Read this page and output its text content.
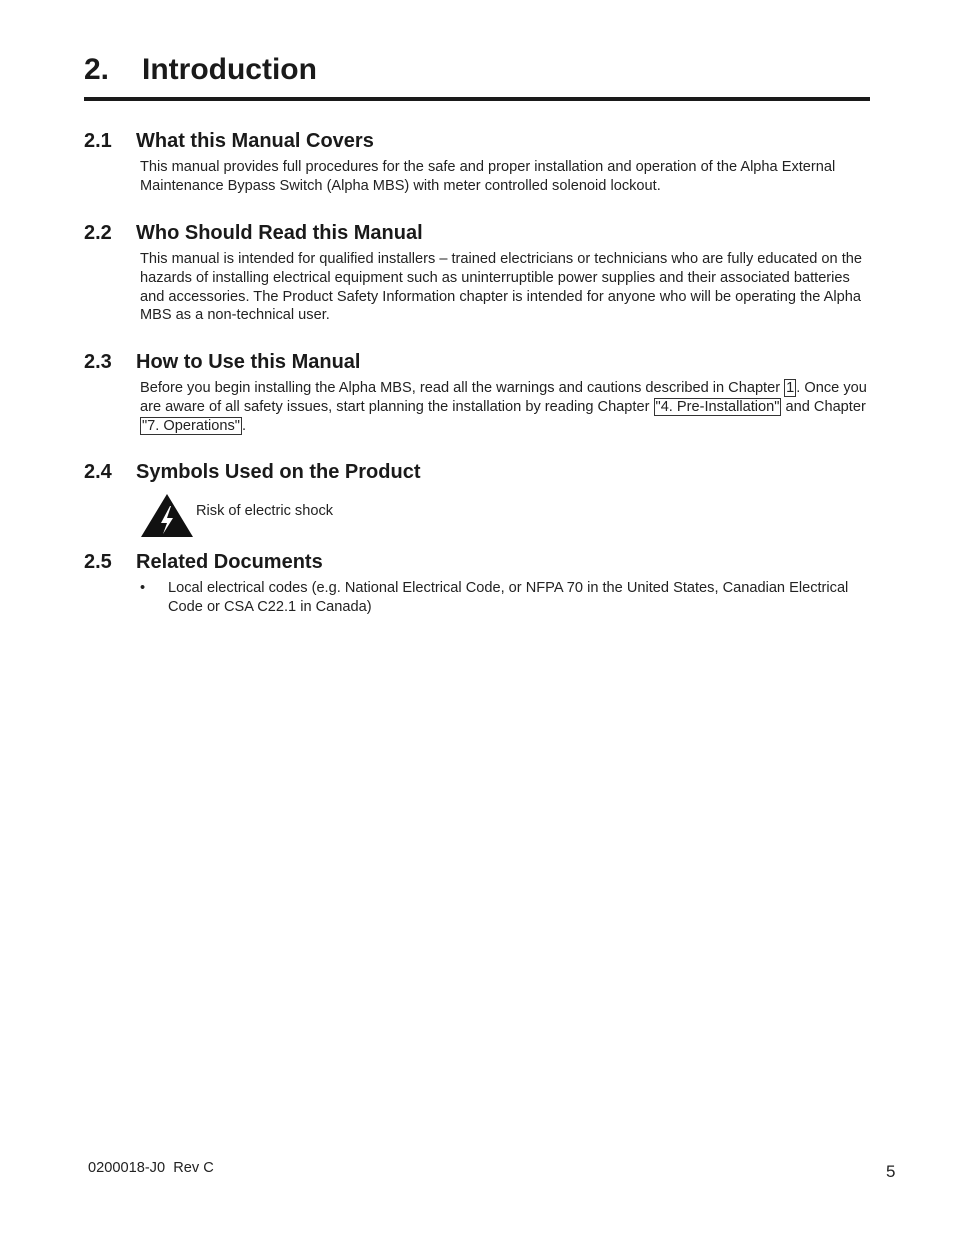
2. Introduction
2.1 What this Manual Covers

This manual provides full procedures for the safe and proper installation and operation of the Alpha External Maintenance Bypass Switch (Alpha MBS) with meter controlled solenoid lockout.

2.2 Who Should Read this Manual

This manual is intended for qualified installers – trained electricians or technicians who are fully educated on the hazards of installing electrical equipment such as uninterruptible power supplies and their associated batteries and accessories. The Product Safety Information chapter is intended for anyone who will be operating the Alpha MBS as a non-technical user.

2.3 How to Use this Manual

Before you begin installing the Alpha MBS, read all the warnings and cautions described in Chapter 1 . Once you are aware of all safety issues, start planning the installation by reading Chapter "4. Pre-Installation" and Chapter "7. Operations" .

2.4 Symbols Used on the Product
Risk of electric shock
2.5 Related Documents
• Local electrical codes (e.g. National Electrical Code, or NFPA 70 in the United States, Canadian Electrical Code or CSA C22.1 in Canada)
0200018-J0  Rev C	5
